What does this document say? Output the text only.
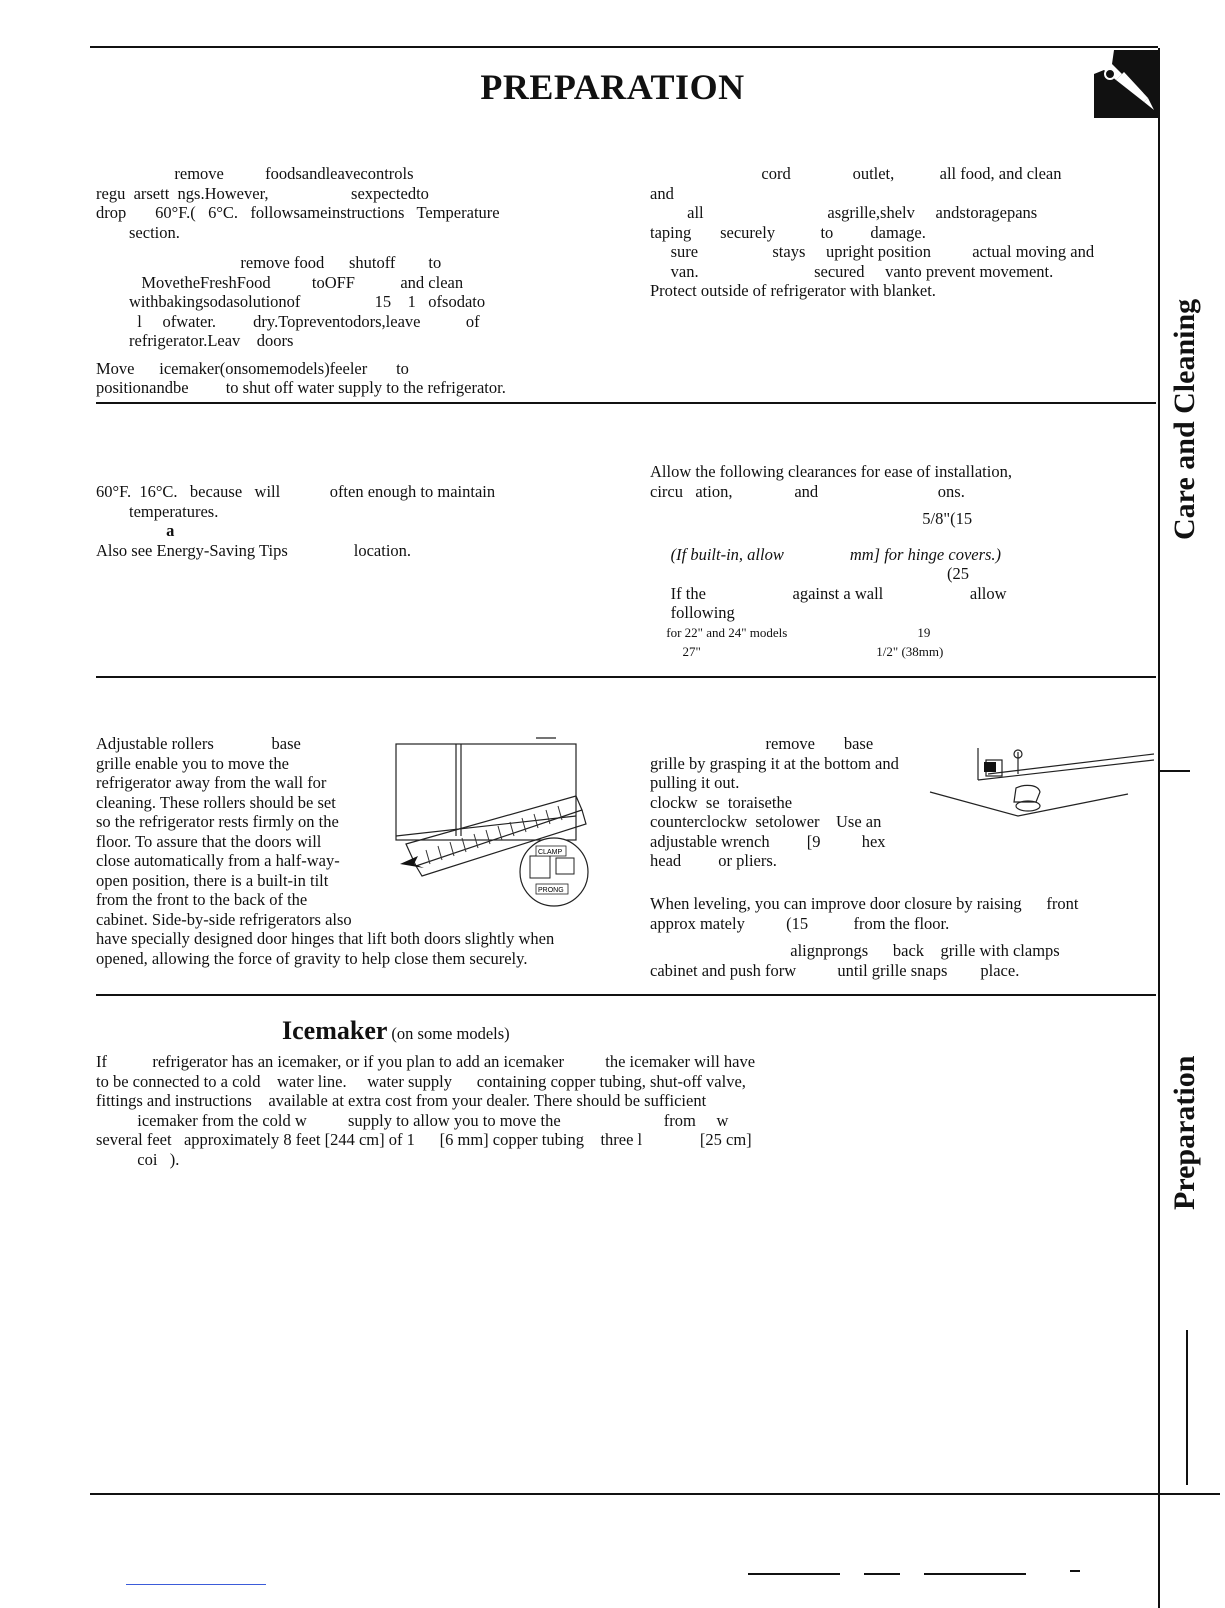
PREPARATION
Care and Cleaning
Preparation

remove          foodsandleavecontrols

regu  arsett  ngs.However,                    sexpectedto

drop       60°F.(   6°C.   followsameinstructions   Temperature

section.

remove food      shutoff        to

MovetheFreshFood          toOFF           and clean

withbakingsodasolutionof                  15    1   ofsodato

l     ofwater.         dry.Topreventodors,leave           of

refrigerator.Leav    doors

Move      icemaker(onsomemodels)feeler       to

positionandbe         to shut off water supply to the refrigerator.

cord               outlet,           all food, and clean

and

all                              asgrille,shelv     andstoragepans

taping       securely           to         damage.

sure                  stays     upright position          actual moving and

van.                            secured     vanto prevent movement.

Protect outside of refrigerator with blanket.

60°F.  16°C.   because   will            often enough to maintain

temperatures.

a

Also see Energy-Saving Tips                location.

Allow the following clearances for ease of installation,

circu   ation,               and                             ons.

5/8"(15

(If built-in, allow                mm] for hinge covers.)

(25

If the                     against a wall                     allow

following

for 22" and 24" models                                        19

27"                                                      1/2" (38mm)

Adjustable rollers              base

grille enable you to move the

refrigerator away from the wall for

cleaning. These rollers should be set

so the refrigerator rests firmly on the

floor. To assure that the doors will

close automatically from a half-way-

open position, there is a built-in tilt

from the front to the back of the

cabinet. Side-by-side refrigerators also

have specially designed door hinges that lift both doors slightly when

opened, allowing the force of gravity to help close them securely.

CLAMP
PRONG

remove       base

grille by grasping it at the bottom and

pulling it out.

clockw  se  toraisethe

counterclockw  setolower    Use an

adjustable wrench         [9          hex

head         or pliers.

When leveling, you can improve door closure by raising      front

approx mately          (15           from the floor.

alignprongs      back    grille with clamps

cabinet and push forw          until grille snaps        place.

Icemaker (on some models)

If           refrigerator has an icemaker, or if you plan to add an icemaker          the icemaker will have

to be connected to a cold    water line.     water supply      containing copper tubing, shut-off valve,

fittings and instructions    available at extra cost from your dealer. There should be sufficient

icemaker from the cold w          supply to allow you to move the                         from     w

several feet   approximately 8 feet [244 cm] of 1      [6 mm] copper tubing    three l              [25 cm]

coi   ).
